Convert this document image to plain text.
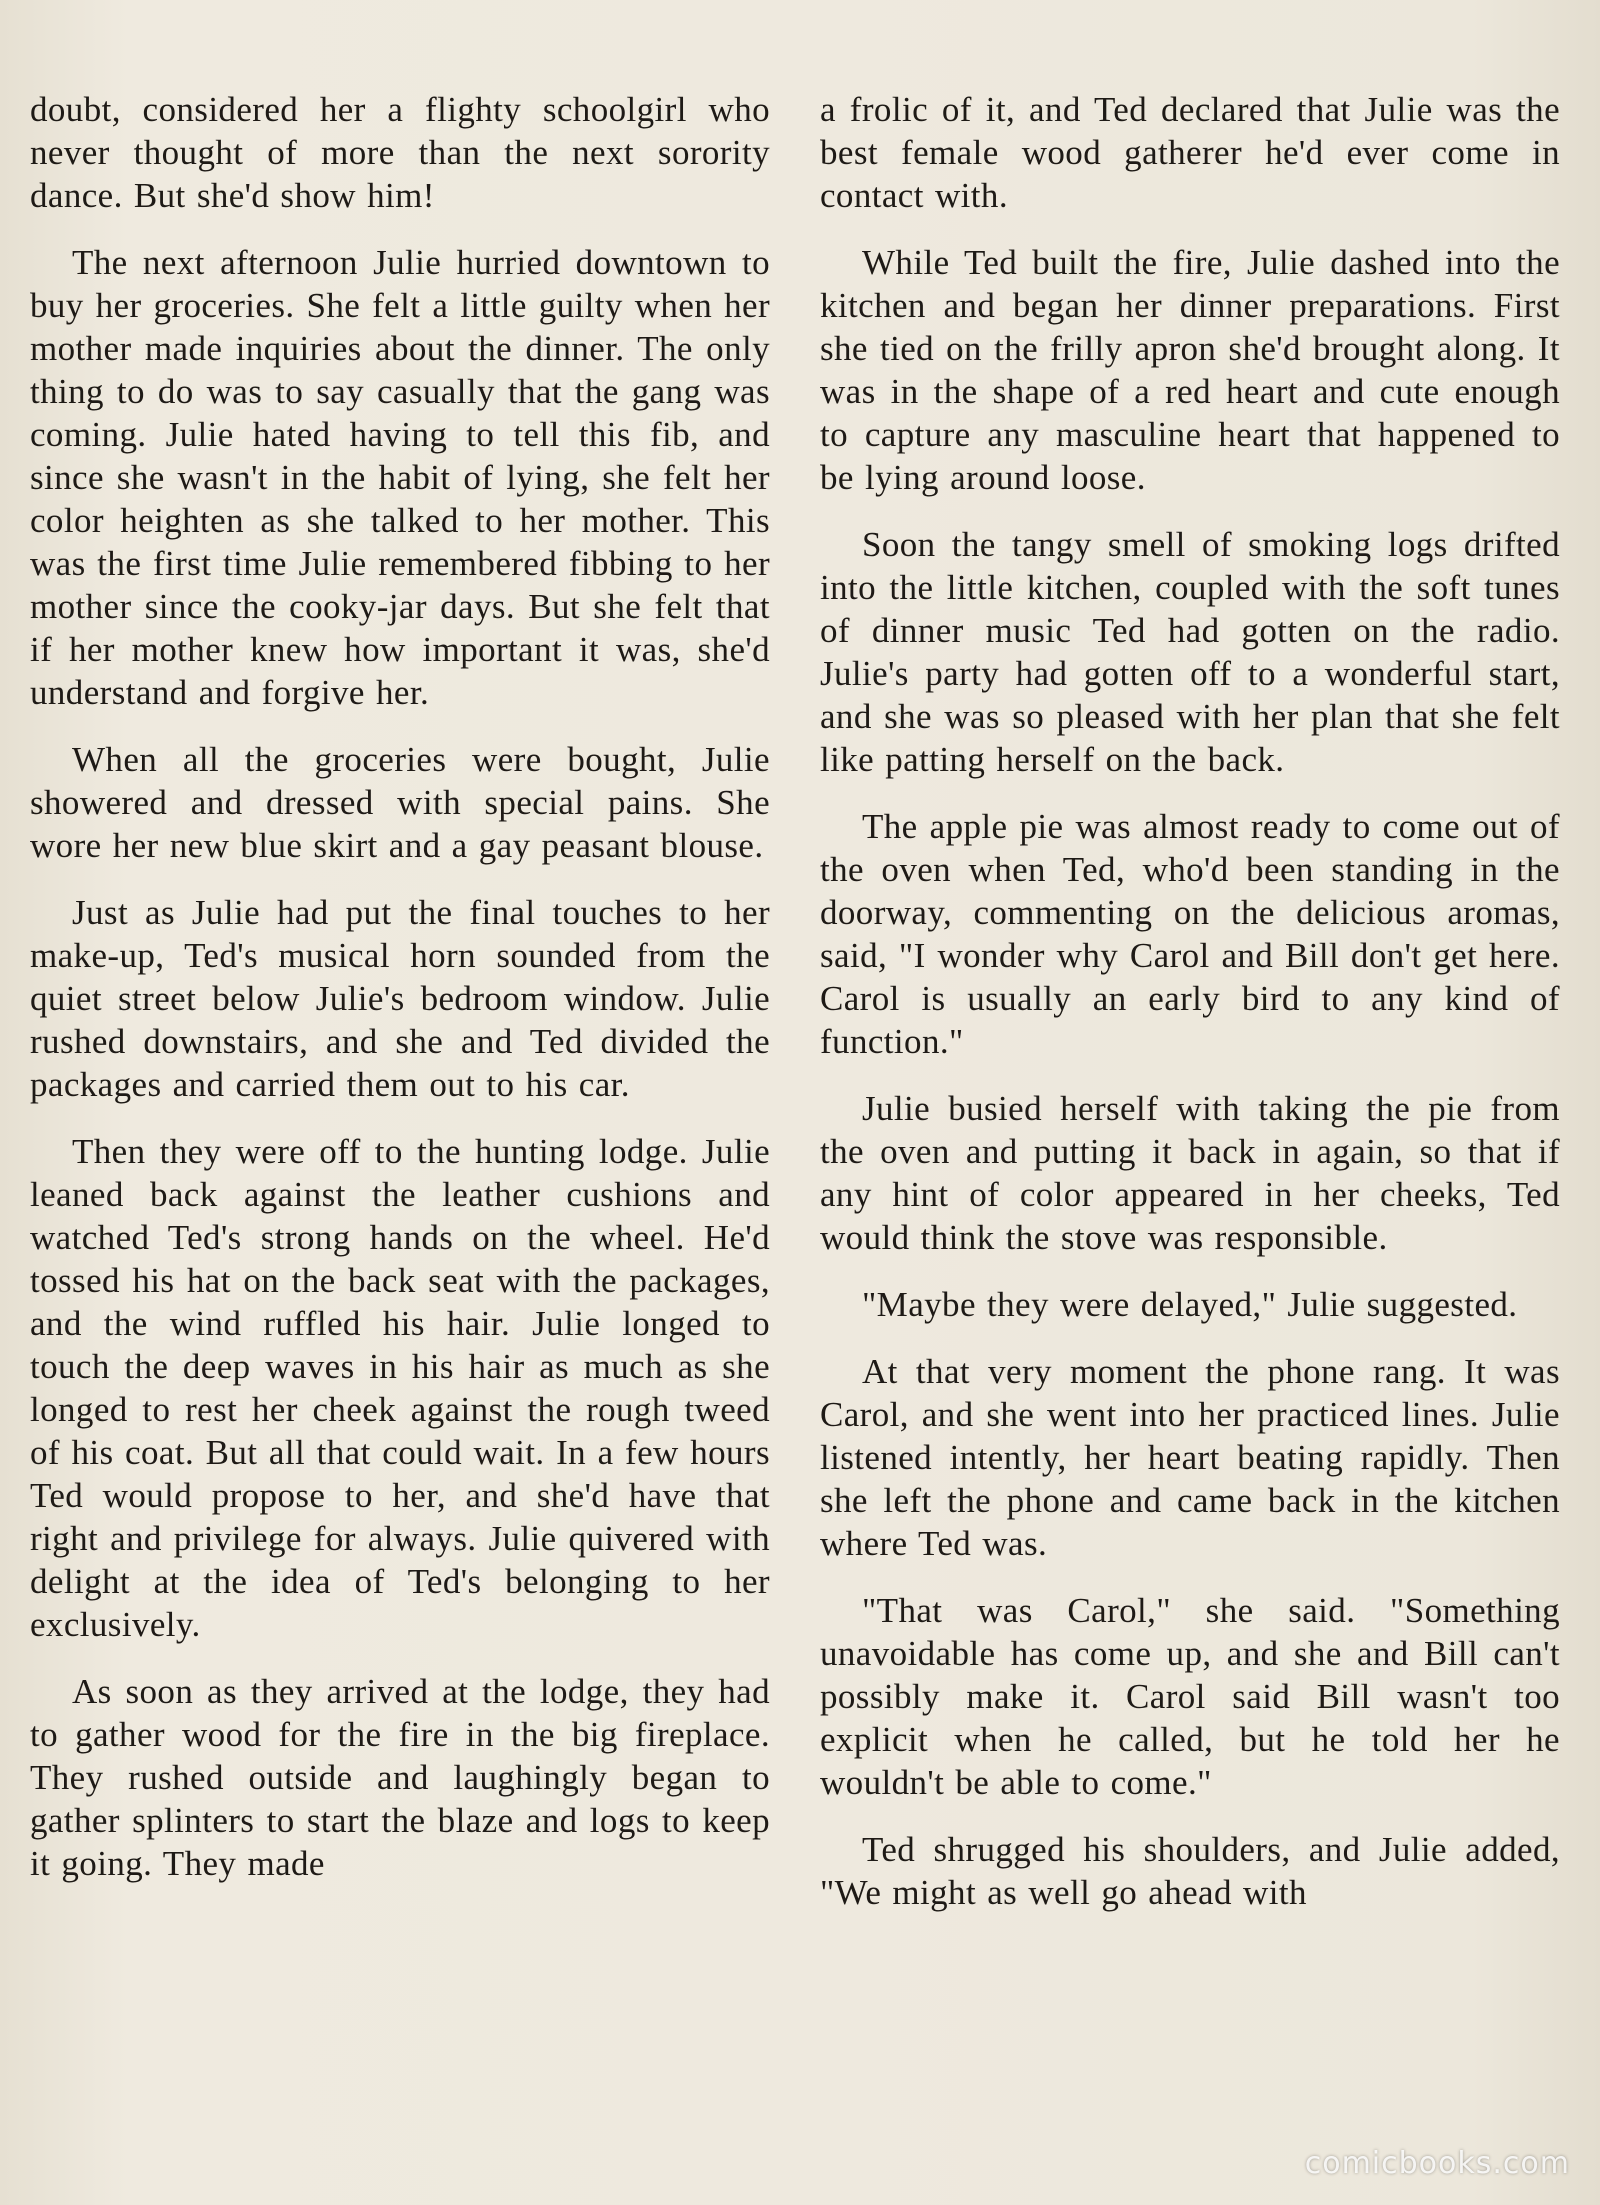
doubt, considered her a flighty schoolgirl who never thought of more than the next sorority dance. But she'd show him!

The next afternoon Julie hurried downtown to buy her groceries. She felt a little guilty when her mother made inquiries about the dinner. The only thing to do was to say casually that the gang was coming. Julie hated having to tell this fib, and since she wasn't in the habit of lying, she felt her color heighten as she talked to her mother. This was the first time Julie remembered fibbing to her mother since the cooky-jar days. But she felt that if her mother knew how important it was, she'd understand and forgive her.

When all the groceries were bought, Julie showered and dressed with special pains. She wore her new blue skirt and a gay peasant blouse.

Just as Julie had put the final touches to her make-up, Ted's musical horn sounded from the quiet street below Julie's bedroom window. Julie rushed downstairs, and she and Ted divided the packages and carried them out to his car.

Then they were off to the hunting lodge. Julie leaned back against the leather cushions and watched Ted's strong hands on the wheel. He'd tossed his hat on the back seat with the packages, and the wind ruffled his hair. Julie longed to touch the deep waves in his hair as much as she longed to rest her cheek against the rough tweed of his coat. But all that could wait. In a few hours Ted would propose to her, and she'd have that right and privilege for always. Julie quivered with delight at the idea of Ted's belonging to her exclusively.

As soon as they arrived at the lodge, they had to gather wood for the fire in the big fireplace. They rushed outside and laughingly began to gather splinters to start the blaze and logs to keep it going. They made

a frolic of it, and Ted declared that Julie was the best female wood gatherer he'd ever come in contact with.

While Ted built the fire, Julie dashed into the kitchen and began her dinner preparations. First she tied on the frilly apron she'd brought along. It was in the shape of a red heart and cute enough to capture any masculine heart that happened to be lying around loose.

Soon the tangy smell of smoking logs drifted into the little kitchen, coupled with the soft tunes of dinner music Ted had gotten on the radio. Julie's party had gotten off to a wonderful start, and she was so pleased with her plan that she felt like patting herself on the back.

The apple pie was almost ready to come out of the oven when Ted, who'd been standing in the doorway, commenting on the delicious aromas, said, "I wonder why Carol and Bill don't get here. Carol is usually an early bird to any kind of function."

Julie busied herself with taking the pie from the oven and putting it back in again, so that if any hint of color appeared in her cheeks, Ted would think the stove was responsible.

"Maybe they were delayed," Julie suggested.

At that very moment the phone rang. It was Carol, and she went into her practiced lines. Julie listened intently, her heart beating rapidly. Then she left the phone and came back in the kitchen where Ted was.

"That was Carol," she said. "Something unavoidable has come up, and she and Bill can't possibly make it. Carol said Bill wasn't too explicit when he called, but he told her he wouldn't be able to come."

Ted shrugged his shoulders, and Julie added, "We might as well go ahead with

comicbooks.com
